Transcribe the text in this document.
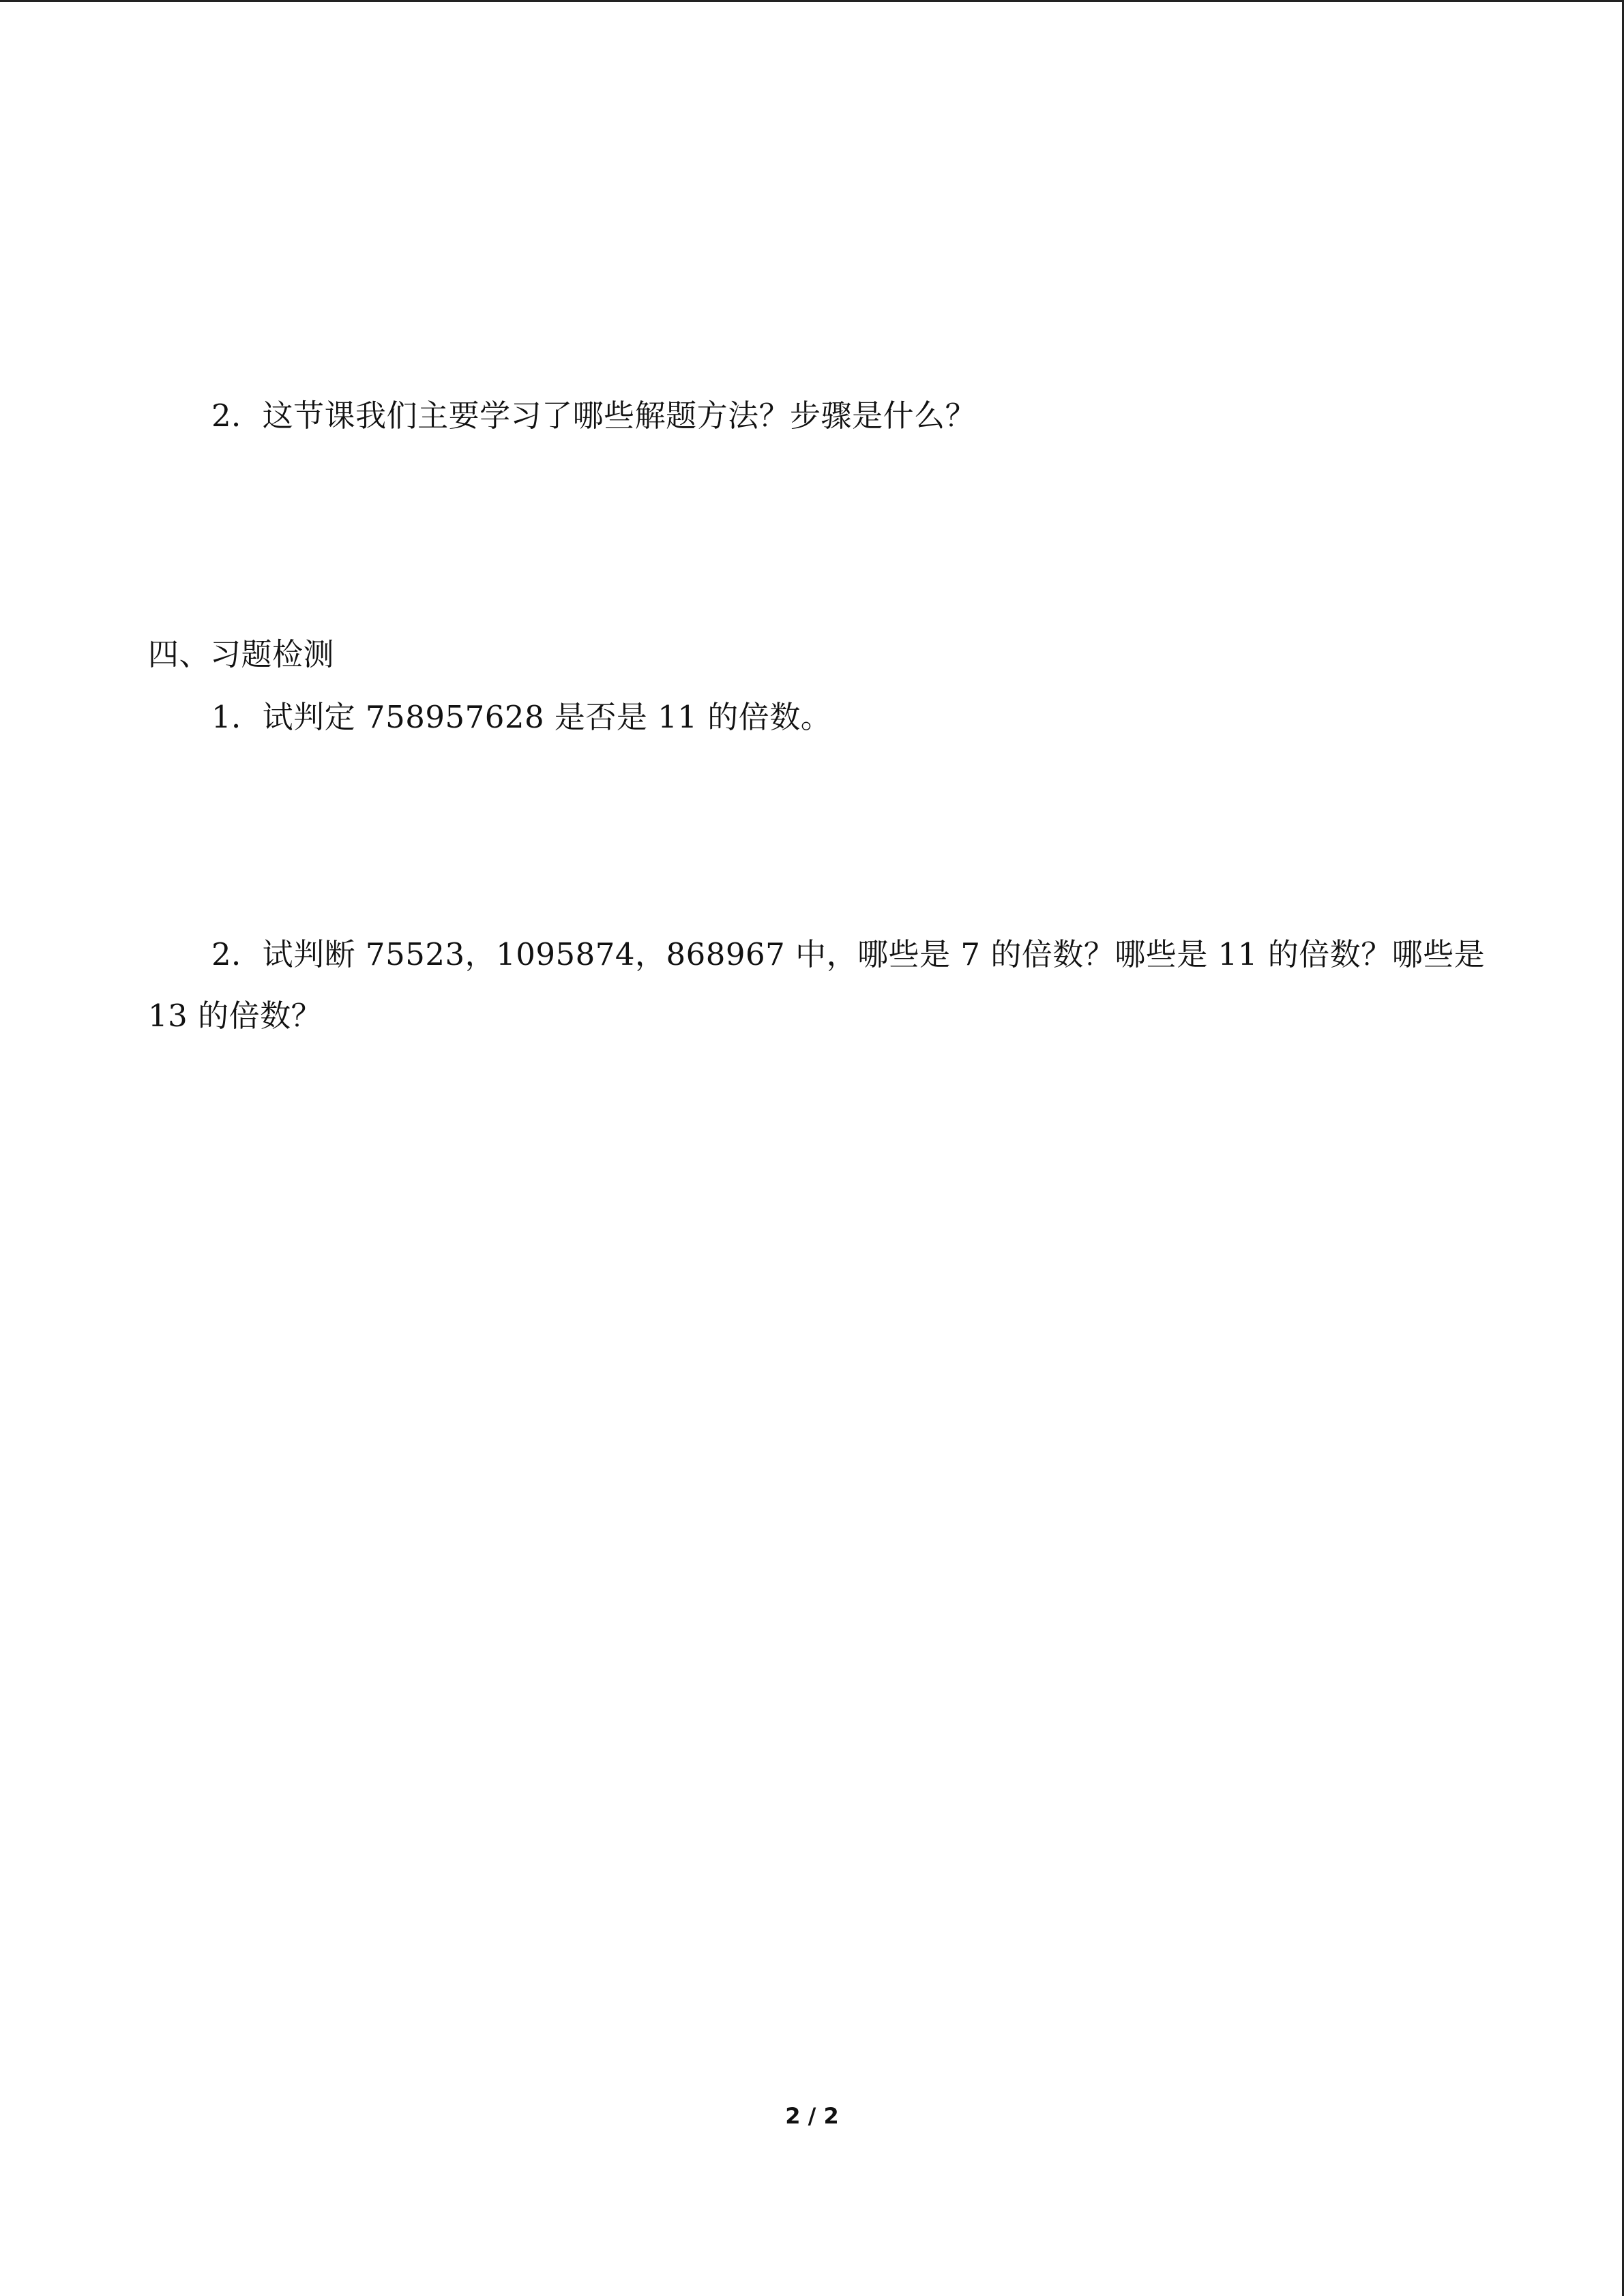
2．这节课我们主要学习了哪些解题方法？步骤是什么？
四、习题检测
1．试判定 758957628 是否是 11 的倍数。
2．试判断 75523，1095874，868967 中，哪些是 7 的倍数？哪些是 11 的倍数？哪些是
13 的倍数？
2 / 2
